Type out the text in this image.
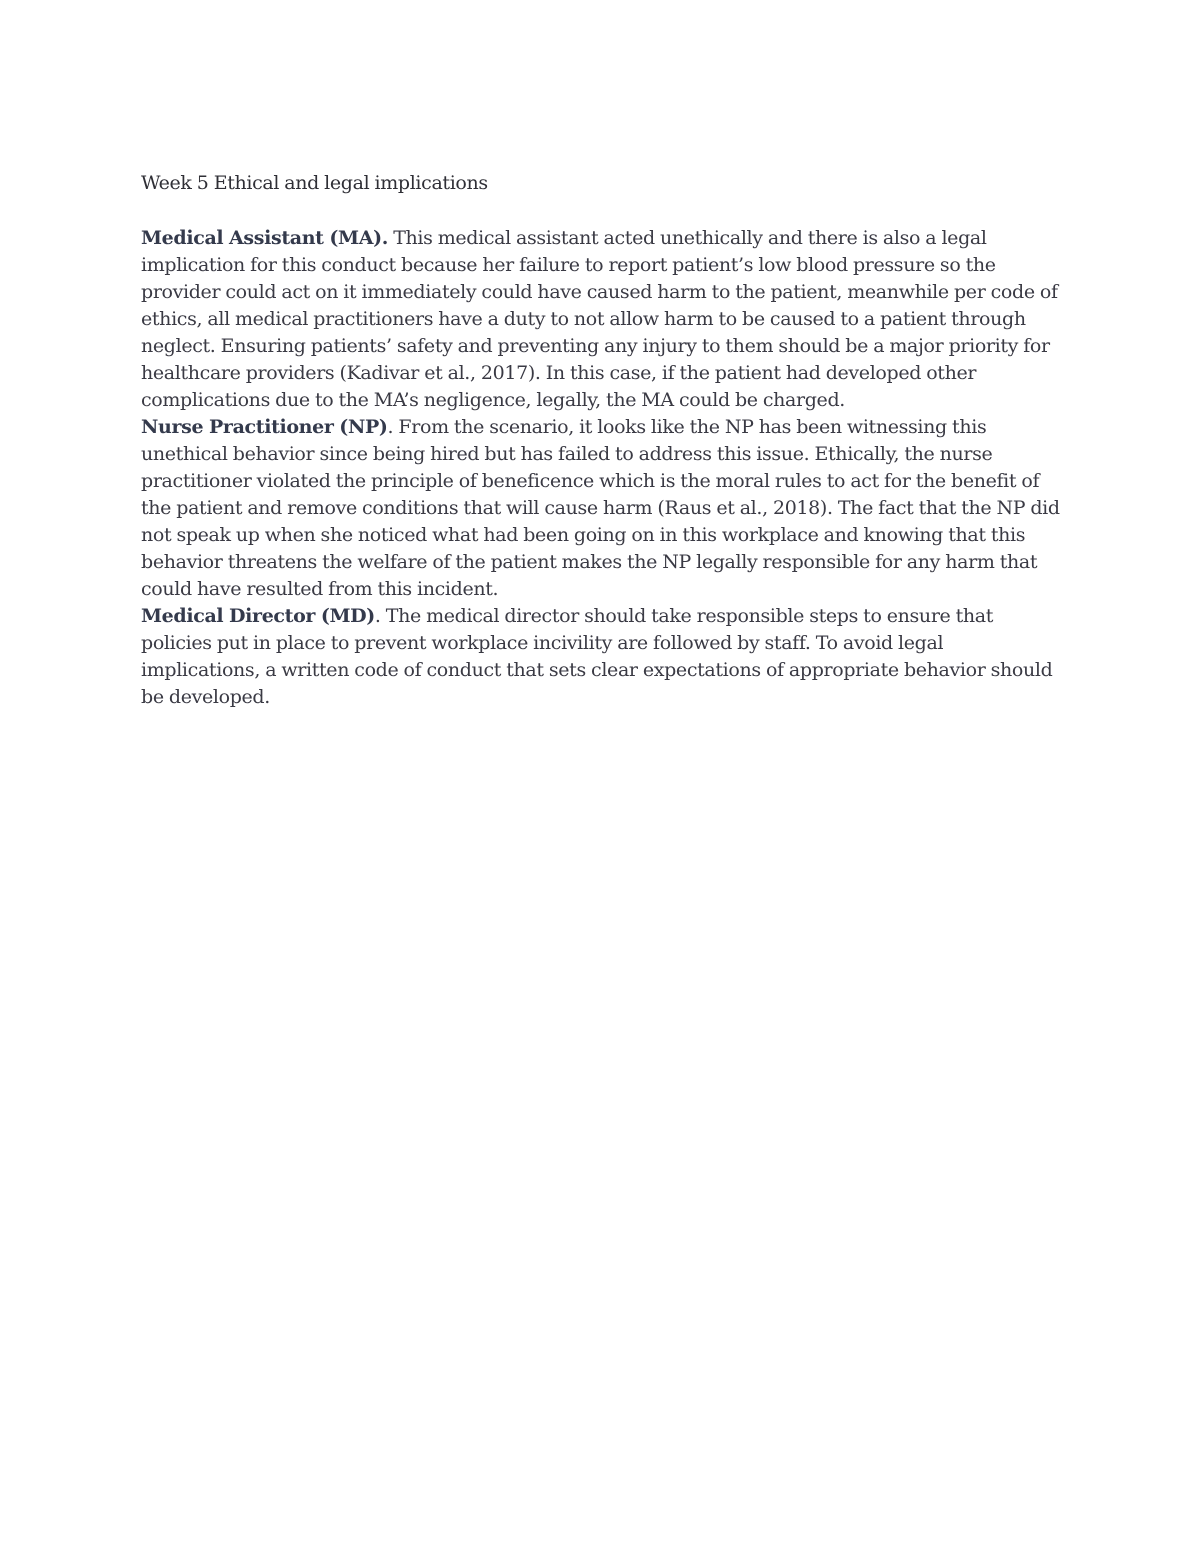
Week 5 Ethical and legal implications

Medical Assistant (MA). This medical assistant acted unethically and there is also a legal implication for this conduct because her failure to report patient’s low blood pressure so the provider could act on it immediately could have caused harm to the patient, meanwhile per code of ethics, all medical practitioners have a duty to not allow harm to be caused to a patient through neglect. Ensuring patients’ safety and preventing any injury to them should be a major priority for healthcare providers (Kadivar et al., 2017). In this case, if the patient had developed other complications due to the MA’s negligence, legally, the MA could be charged.

Nurse Practitioner (NP). From the scenario, it looks like the NP has been witnessing this unethical behavior since being hired but has failed to address this issue. Ethically, the nurse practitioner violated the principle of beneficence which is the moral rules to act for the benefit of the patient and remove conditions that will cause harm (Raus et al., 2018). The fact that the NP did not speak up when she noticed what had been going on in this workplace and knowing that this behavior threatens the welfare of the patient makes the NP legally responsible for any harm that could have resulted from this incident.

Medical Director (MD). The medical director should take responsible steps to ensure that policies put in place to prevent workplace incivility are followed by staff. To avoid legal implications, a written code of conduct that sets clear expectations of appropriate behavior should be developed.
